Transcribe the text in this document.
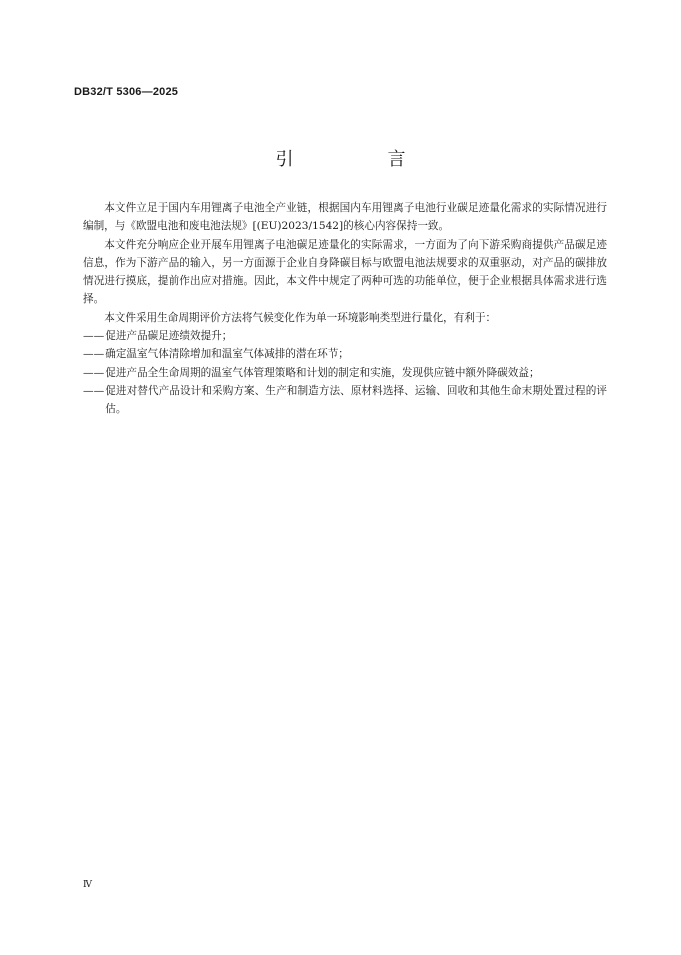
DB32/T 5306—2025
引　言

本文件立足于国内车用锂离子电池全产业链，根据国内车用锂离子电池行业碳足迹量化需求的实际情况进行编制，与《欧盟电池和废电池法规》[(EU)2023/1542]的核心内容保持一致。

本文件充分响应企业开展车用锂离子电池碳足迹量化的实际需求，一方面为了向下游采购商提供产品碳足迹信息，作为下游产品的输入，另一方面源于企业自身降碳目标与欧盟电池法规要求的双重驱动，对产品的碳排放情况进行摸底，提前作出应对措施。因此，本文件中规定了两种可选的功能单位，便于企业根据具体需求进行选择。

本文件采用生命周期评价方法将气候变化作为单一环境影响类型进行量化，有利于：

—— 促进产品碳足迹绩效提升；
—— 确定温室气体清除增加和温室气体减排的潜在环节；
—— 促进产品全生命周期的温室气体管理策略和计划的制定和实施，发现供应链中额外降碳效益；
—— 促进对替代产品设计和采购方案、生产和制造方法、原材料选择、运输、回收和其他生命末期处置过程的评估。
Ⅳ
